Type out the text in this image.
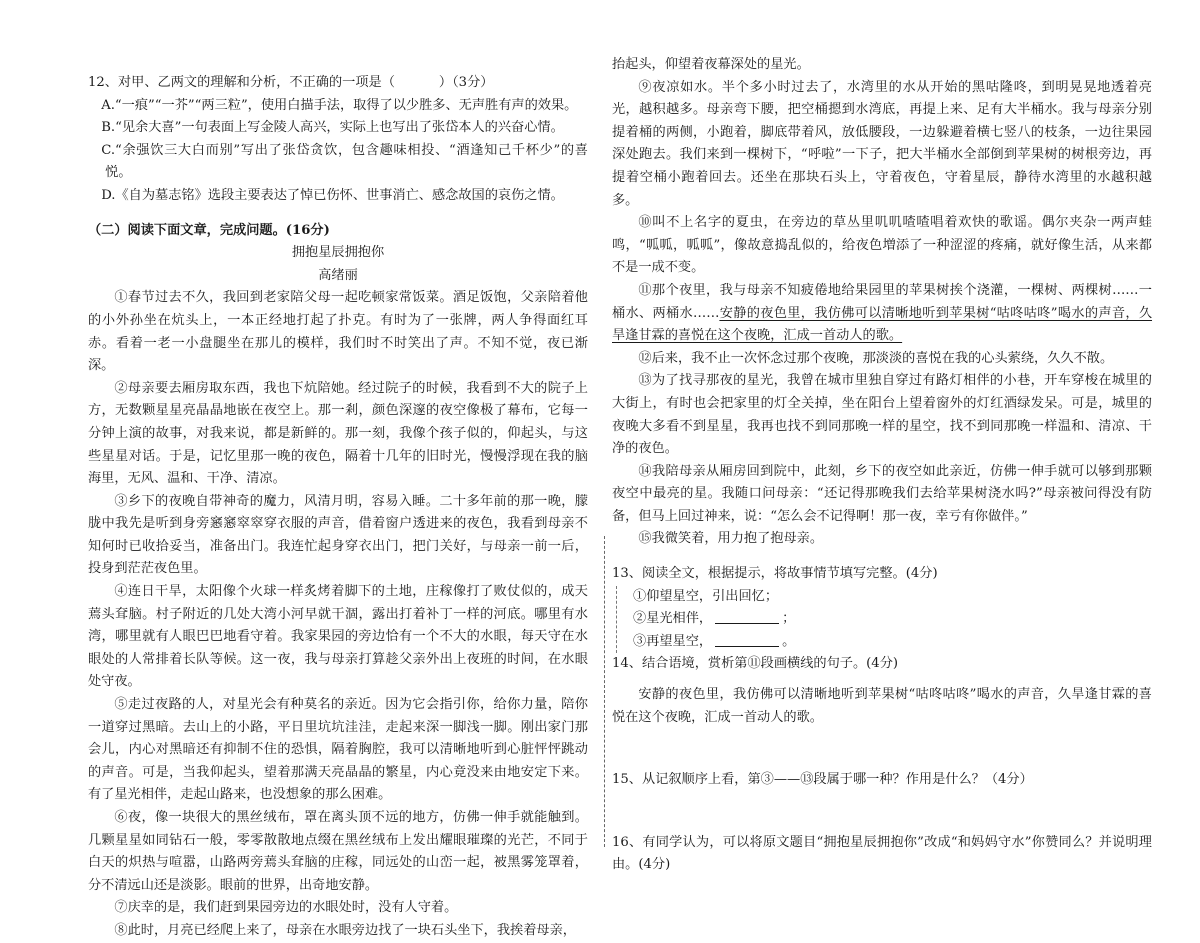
12、对甲、乙两文的理解和分析，不正确的一项是（	）（3分）

A.“一痕”“一芥”“两三粒”，使用白描手法，取得了以少胜多、无声胜有声的效果。

B.“见余大喜”一句表面上写金陵人高兴，实际上也写出了张岱本人的兴奋心情。

C.“余强饮三大白而别”写出了张岱贪饮，包含趣味相投、“酒逢知己千杯少”的喜悦。

D.《自为墓志铭》选段主要表达了悼已伤怀、世事消亡、感念故国的哀伤之情。

（二）阅读下面文章，完成问题。(16分)

拥抱星辰拥抱你

高绪丽

①春节过去不久，我回到老家陪父母一起吃顿家常饭菜。酒足饭饱，父亲陪着他的小外孙坐在炕头上，一本正经地打起了扑克。有时为了一张牌，两人争得面红耳赤。看着一老一小盘腿坐在那儿的模样，我们时不时笑出了声。不知不觉，夜已渐深。

②母亲要去厢房取东西，我也下炕陪她。经过院子的时候，我看到不大的院子上方，无数颗星星亮晶晶地嵌在夜空上。那一剎，颜色深邃的夜空像极了幕布，它每一分钟上演的故事，对我来说，都是新鲜的。那一刻，我像个孩子似的，仰起头，与这些星星对话。于是，记忆里那一晚的夜色，隔着十几年的旧时光，慢慢浮现在我的脑海里，无风、温和、干净、清凉。

③乡下的夜晚自带神奇的魔力，风清月明，容易入睡。二十多年前的那一晚，朦胧中我先是听到身旁窸窸窣窣穿衣服的声音，借着窗户透进来的夜色，我看到母亲不知何时已收拾妥当，准备出门。我连忙起身穿衣出门，把门关好，与母亲一前一后，投身到茫茫夜色里。

④连日干旱，太阳像个火球一样炙烤着脚下的土地，庄稼像打了败仗似的，成天蔫头耷脑。村子附近的几处大湾小河早就干涸，露出打着补丁一样的河底。哪里有水湾，哪里就有人眼巴巴地看守着。我家果园的旁边恰有一个不大的水眼，每天守在水眼处的人常排着长队等候。这一夜，我与母亲打算趁父亲外出上夜班的时间，在水眼处守夜。

⑤走过夜路的人，对星光会有种莫名的亲近。因为它会指引你，给你力量，陪你一道穿过黑暗。去山上的小路，平日里坑坑洼洼，走起来深一脚浅一脚。刚出家门那会儿，内心对黑暗还有抑制不住的恐惧，隔着胸腔，我可以清晰地听到心脏怦怦跳动的声音。可是，当我仰起头，望着那满天亮晶晶的繁星，内心竟没来由地安定下来。有了星光相伴，走起山路来，也没想象的那么困难。

⑥夜，像一块很大的黑丝绒布，罩在离头顶不远的地方，仿佛一伸手就能触到。几颗星星如同钻石一般，零零散散地点缀在黑丝绒布上发出耀眼璀璨的光芒，不同于白天的炽热与喧嚣，山路两旁蔫头耷脑的庄稼，同远处的山峦一起，被黑雾笼罩着，分不清远山还是淡影。眼前的世界，出奇地安静。

⑦庆幸的是，我们赶到果园旁边的水眼处时，没有人守着。

⑧此时，月亮已经爬上来了，母亲在水眼旁边找了一块石头坐下，我挨着母亲，

抬起头，仰望着夜幕深处的星光。

⑨夜凉如水。半个多小时过去了，水湾里的水从开始的黑咕隆咚，到明晃晃地透着亮光，越积越多。母亲弯下腰，把空桶摁到水湾底，再提上来、足有大半桶水。我与母亲分别提着桶的两侧，小跑着，脚底带着风，放低腰段，一边躲避着横七竖八的枝条，一边往果园深处跑去。我们来到一棵树下，“呼啦”一下子，把大半桶水全部倒到苹果树的树根旁边，再提着空桶小跑着回去。还坐在那块石头上，守着夜色，守着星辰，静待水湾里的水越积越多。

⑩叫不上名字的夏虫，在旁边的草丛里叽叽喳喳唱着欢快的歌谣。偶尔夹杂一两声蛙鸣，“呱呱，呱呱”，像故意捣乱似的，给夜色増添了一种涩涩的疼痛，就好像生活，从来都不是一成不变。

⑪那个夜里，我与母亲不知疲倦地给果园里的苹果树挨个浇灌，一棵树、两棵树……一桶水、两桶水……安静的夜色里，我仿佛可以清晰地听到苹果树“咕咚咕咚”喝水的声音，久旱逢甘霖的喜悦在这个夜晚，汇成一首动人的歌。

⑫后来，我不止一次怀念过那个夜晚，那淡淡的喜悦在我的心头萦绕，久久不散。

⑬为了找寻那夜的星光，我曾在城市里独自穿过有路灯相伴的小巷，开车穿梭在城里的大街上，有时也会把家里的灯全关掉，坐在阳台上望着窗外的灯红酒绿发呆。可是，城里的夜晚大多看不到星星，我再也找不到同那晚一样的星空，找不到同那晚一样温和、清凉、干净的夜色。

⑭我陪母亲从厢房回到院中，此刻，乡下的夜空如此亲近，仿佛一伸手就可以够到那颗夜空中最亮的星。我随口问母亲：“还记得那晚我们去给苹果树浇水吗?”母亲被问得没有防备，但马上回过神来，说：“怎么会不记得啊！那一夜，幸亏有你做伴。”

⑮我微笑着，用力抱了抱母亲。

13、阅读全文，根据提示，将故事情节填写完整。(4分)

①仰望星空，引出回忆；

②星光相伴，	；

③再望星空，	。

14、结合语境，赏析第⑪段画横线的句子。(4分)

安静的夜色里，我仿佛可以清晰地听到苹果树“咕咚咕咚”喝水的声音，久旱逢甘霖的喜悦在这个夜晚，汇成一首动人的歌。

15、从记叙顺序上看，第③——⑬段属于哪一种？作用是什么？（4分）

16、有同学认为，可以将原文题目“拥抱星辰拥抱你”改成“和妈妈守水”你赞同么？并说明理由。(4分)
